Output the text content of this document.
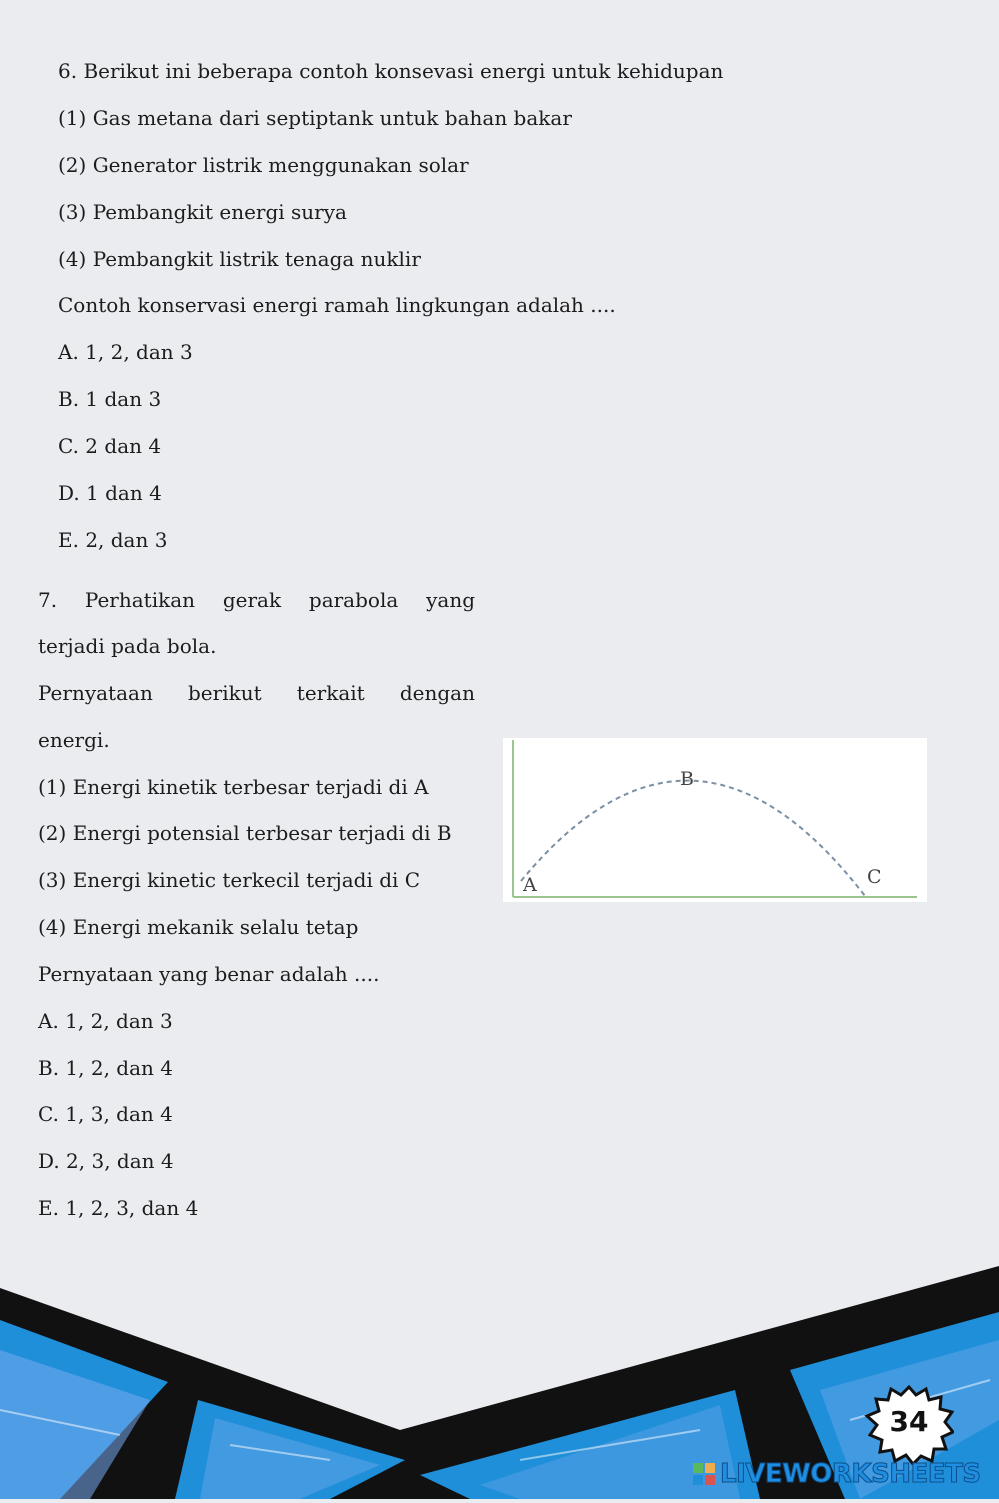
6. Berikut ini beberapa contoh konsevasi energi untuk kehidupan
(1) Gas metana dari septiptank untuk bahan bakar
(2) Generator listrik menggunakan solar
(3) Pembangkit energi surya
(4) Pembangkit listrik tenaga nuklir
Contoh konservasi energi ramah lingkungan adalah ....
A. 1, 2, dan 3
B. 1 dan 3
C. 2 dan 4
D. 1 dan 4
E. 2, dan 3
7. Perhatikan gerak parabola yang
terjadi pada bola.
Pernyataan berikut terkait dengan
energi.
(1) Energi kinetik terbesar terjadi di A
(2) Energi potensial terbesar terjadi di B
(3) Energi kinetic terkecil terjadi di C
(4) Energi mekanik selalu tetap
Pernyataan yang benar adalah ....
A. 1, 2, dan 3
B. 1, 2, dan 4
C. 1, 3, dan 4
D. 2, 3, dan 4
E. 1, 2, 3, dan 4
A
B
C
34
LIVEWORKSHEETS
